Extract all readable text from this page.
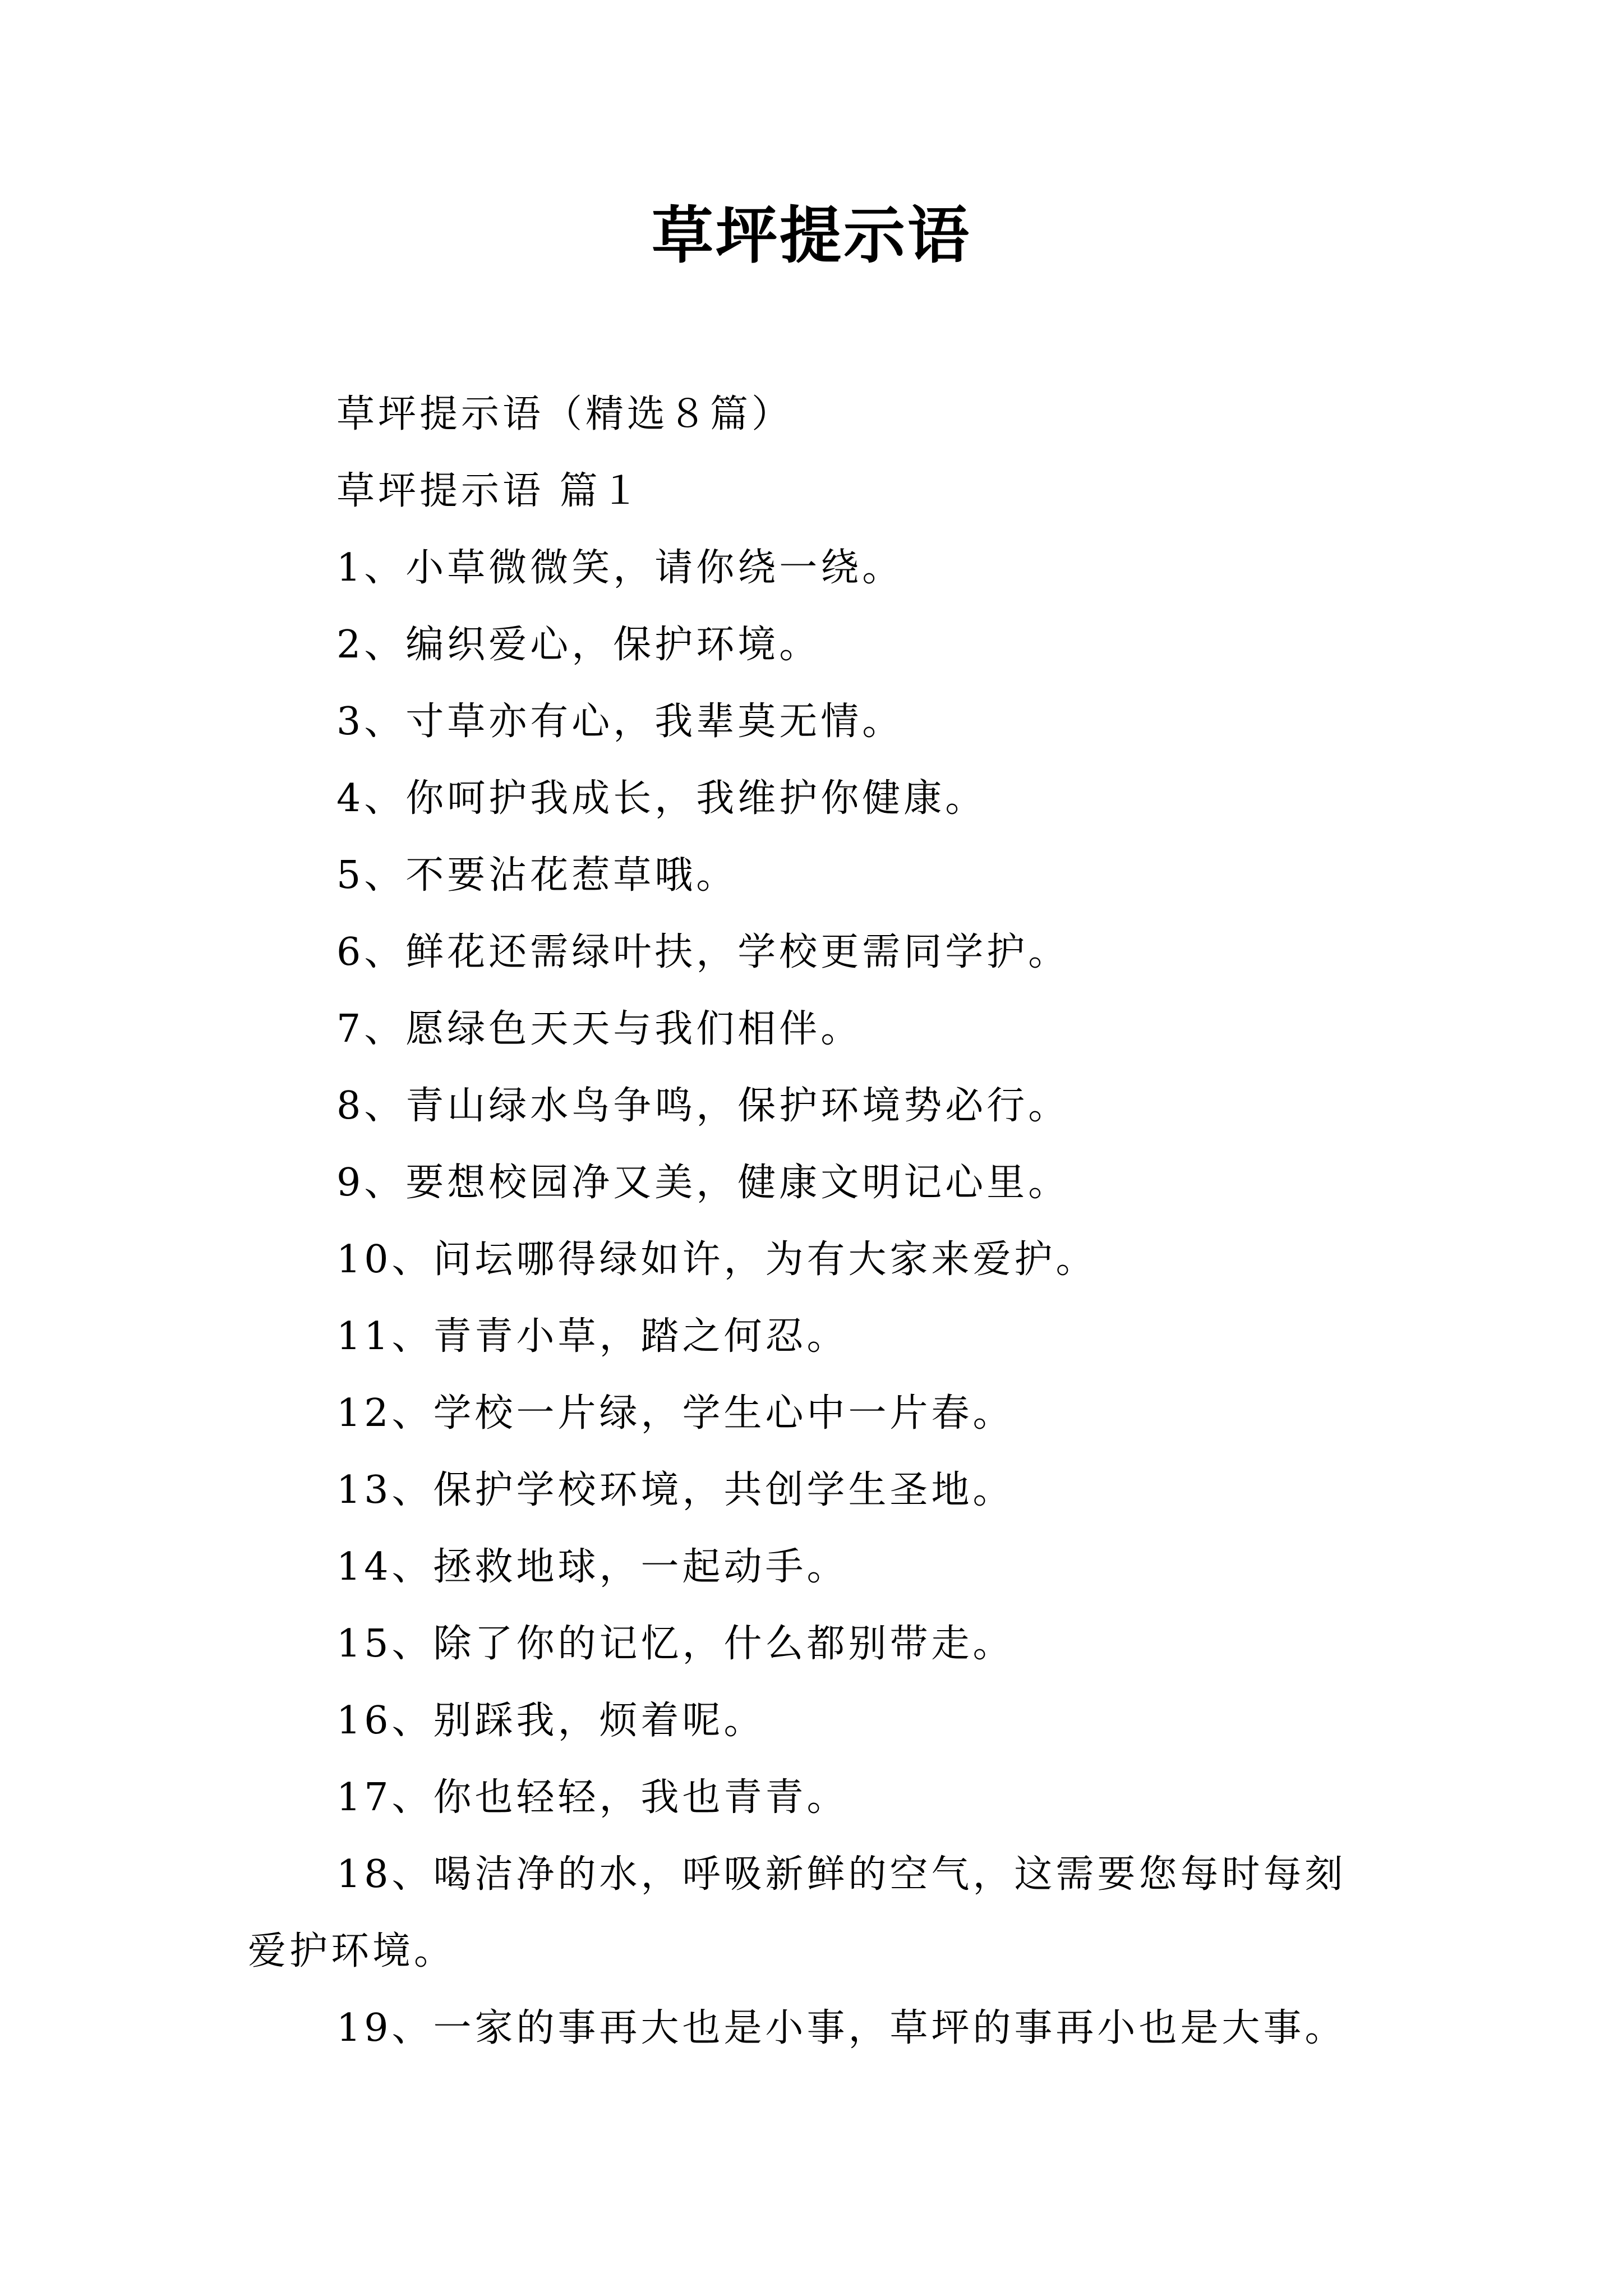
草坪提示语
草坪提示语（精选８篇）
草坪提示语 篇１
1、小草微微笑，请你绕一绕。
2、编织爱心，保护环境。
3、寸草亦有心，我辈莫无情。
4、你呵护我成长，我维护你健康。
5、不要沾花惹草哦。
6、鲜花还需绿叶扶，学校更需同学护。
7、愿绿色天天与我们相伴。
8、青山绿水鸟争鸣，保护环境势必行。
9、要想校园净又美，健康文明记心里。
10、问坛哪得绿如许，为有大家来爱护。
11、青青小草，踏之何忍。
12、学校一片绿，学生心中一片春。
13、保护学校环境，共创学生圣地。
14、拯救地球，一起动手。
15、除了你的记忆，什么都别带走。
16、别踩我，烦着呢。
17、你也轻轻，我也青青。
18、喝洁净的水，呼吸新鲜的空气，这需要您每时每刻
爱护环境。
19、一家的事再大也是小事，草坪的事再小也是大事。
